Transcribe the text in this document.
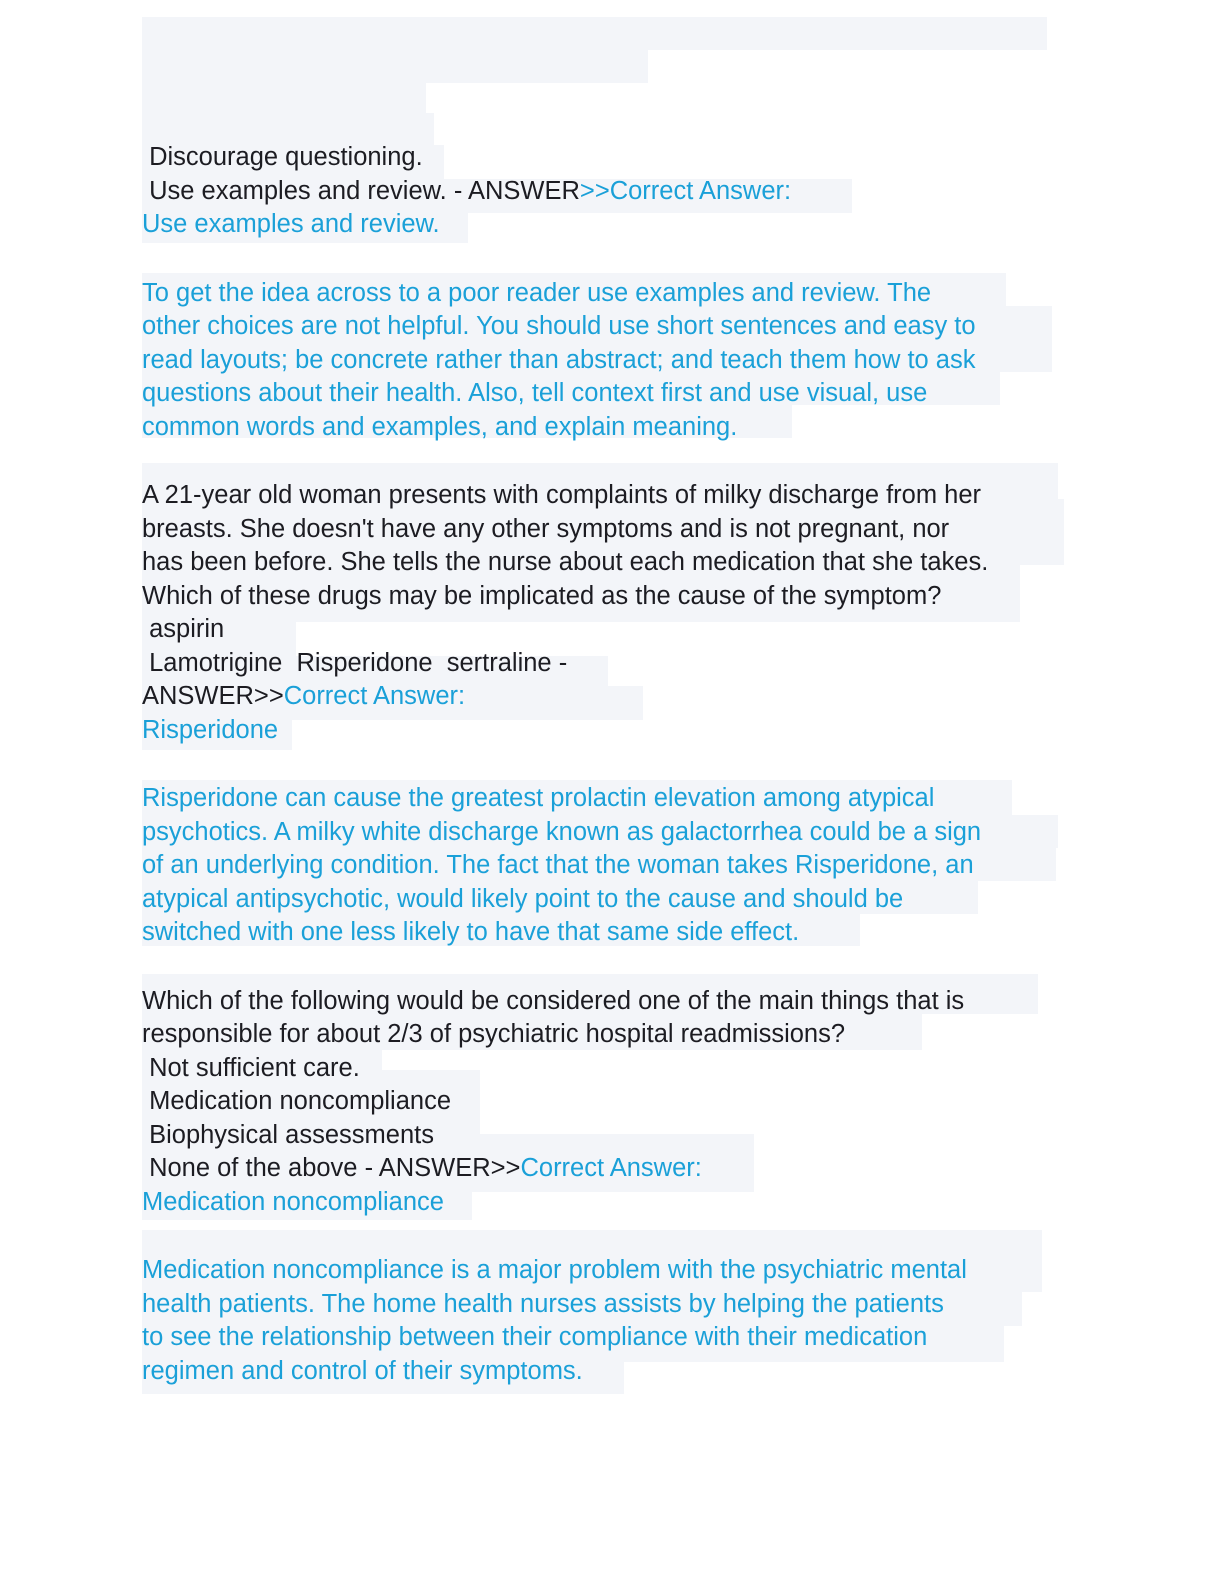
Discourage questioning.

Use examples and review. - ANSWER>>Correct Answer:

Use examples and review.

To get the idea across to a poor reader use examples and review. The

other choices are not helpful. You should use short sentences and easy to

read layouts; be concrete rather than abstract; and teach them how to ask

questions about their health. Also, tell context first and use visual, use

common words and examples, and explain meaning.

A 21-year old woman presents with complaints of milky discharge from her

breasts. She doesn't have any other symptoms and is not pregnant, nor

has been before. She tells the nurse about each medication that she takes.

Which of these drugs may be implicated as the cause of the symptom?

aspirin

Lamotrigine  Risperidone  sertraline -

ANSWER>>Correct Answer:

Risperidone

Risperidone can cause the greatest prolactin elevation among atypical

psychotics. A milky white discharge known as galactorrhea could be a sign

of an underlying condition. The fact that the woman takes Risperidone, an

atypical antipsychotic, would likely point to the cause and should be

switched with one less likely to have that same side effect.

Which of the following would be considered one of the main things that is

responsible for about 2/3 of psychiatric hospital readmissions?

Not sufficient care.

Medication noncompliance

Biophysical assessments

None of the above - ANSWER>>Correct Answer:

Medication noncompliance

Medication noncompliance is a major problem with the psychiatric mental

health patients. The home health nurses assists by helping the patients

to see the relationship between their compliance with their medication

regimen and control of their symptoms.
